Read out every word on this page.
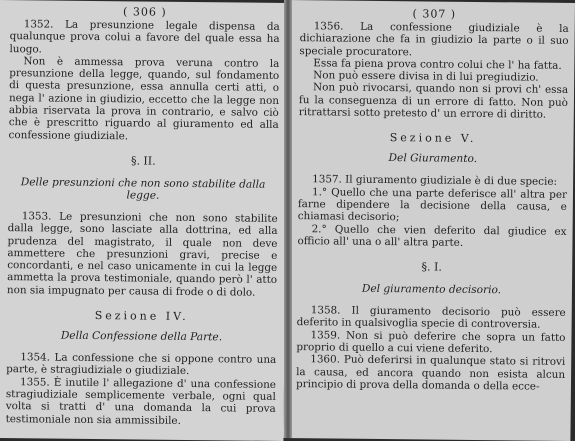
( 306 )

1352. La presunzione legale dispensa da qualunque prova colui a favore del quale essa ha luogo.

Non è ammessa prova veruna contro la presunzione della legge, quando, sul fondamento di questa presunzione, essa annulla certi atti, o nega l' azione in giudizio, eccetto che la legge non abbia riservata la prova in contrario, e salvo ciò che è prescritto riguardo al giuramento ed alla confessione giudiziale.

§. II.
Delle presunzioni che non sono stabilite dalla legge.

1353. Le presunzioni che non sono stabilite dalla legge, sono lasciate alla dottrina, ed alla prudenza del magistrato, il quale non deve ammettere che presunzioni gravi, precise e concordanti, e nel caso unicamente in cui la legge ammetta la prova testimoniale, quando però l' atto non sia impugnato per causa di frode o di dolo.

Sezione IV.
Della Confessione della Parte.

1354. La confessione che si oppone contro una parte, è stragiudiziale o giudiziale.

1355. È inutile l' allegazione d' una confessione stragiudiziale semplicemente verbale, ogni qual volta si tratti d' una domanda la cui prova testimoniale non sia ammissibile.

( 307 )

1356. La confessione giudiziale è la dichiarazione che fa in giudizio la parte o il suo speciale procuratore.

Essa fa piena prova contro colui che l' ha fatta.

Non può essere divisa in di lui pregiudizio.

Non può rivocarsi, quando non si provi ch' essa fu la conseguenza di un errore di fatto. Non può ritrattarsi sotto pretesto d' un errore di diritto.

Sezione V.
Del Giuramento.

1357. Il giuramento giudiziale è di due specie:

1.° Quello che una parte deferisce all' altra per farne dipendere la decisione della causa, e chiamasi decisorio;

2.° Quello che vien deferito dal giudice ex officio all' una o all' altra parte.

§. I.
Del giuramento decisorio.

1358. Il giuramento decisorio può essere deferito in qualsivoglia specie di controversia.

1359. Non si può deferire che sopra un fatto proprio di quello a cui viene deferito.

1360. Può deferirsi in qualunque stato si ritrovi la causa, ed ancora quando non esista alcun principio di prova della domanda o della ecce-
